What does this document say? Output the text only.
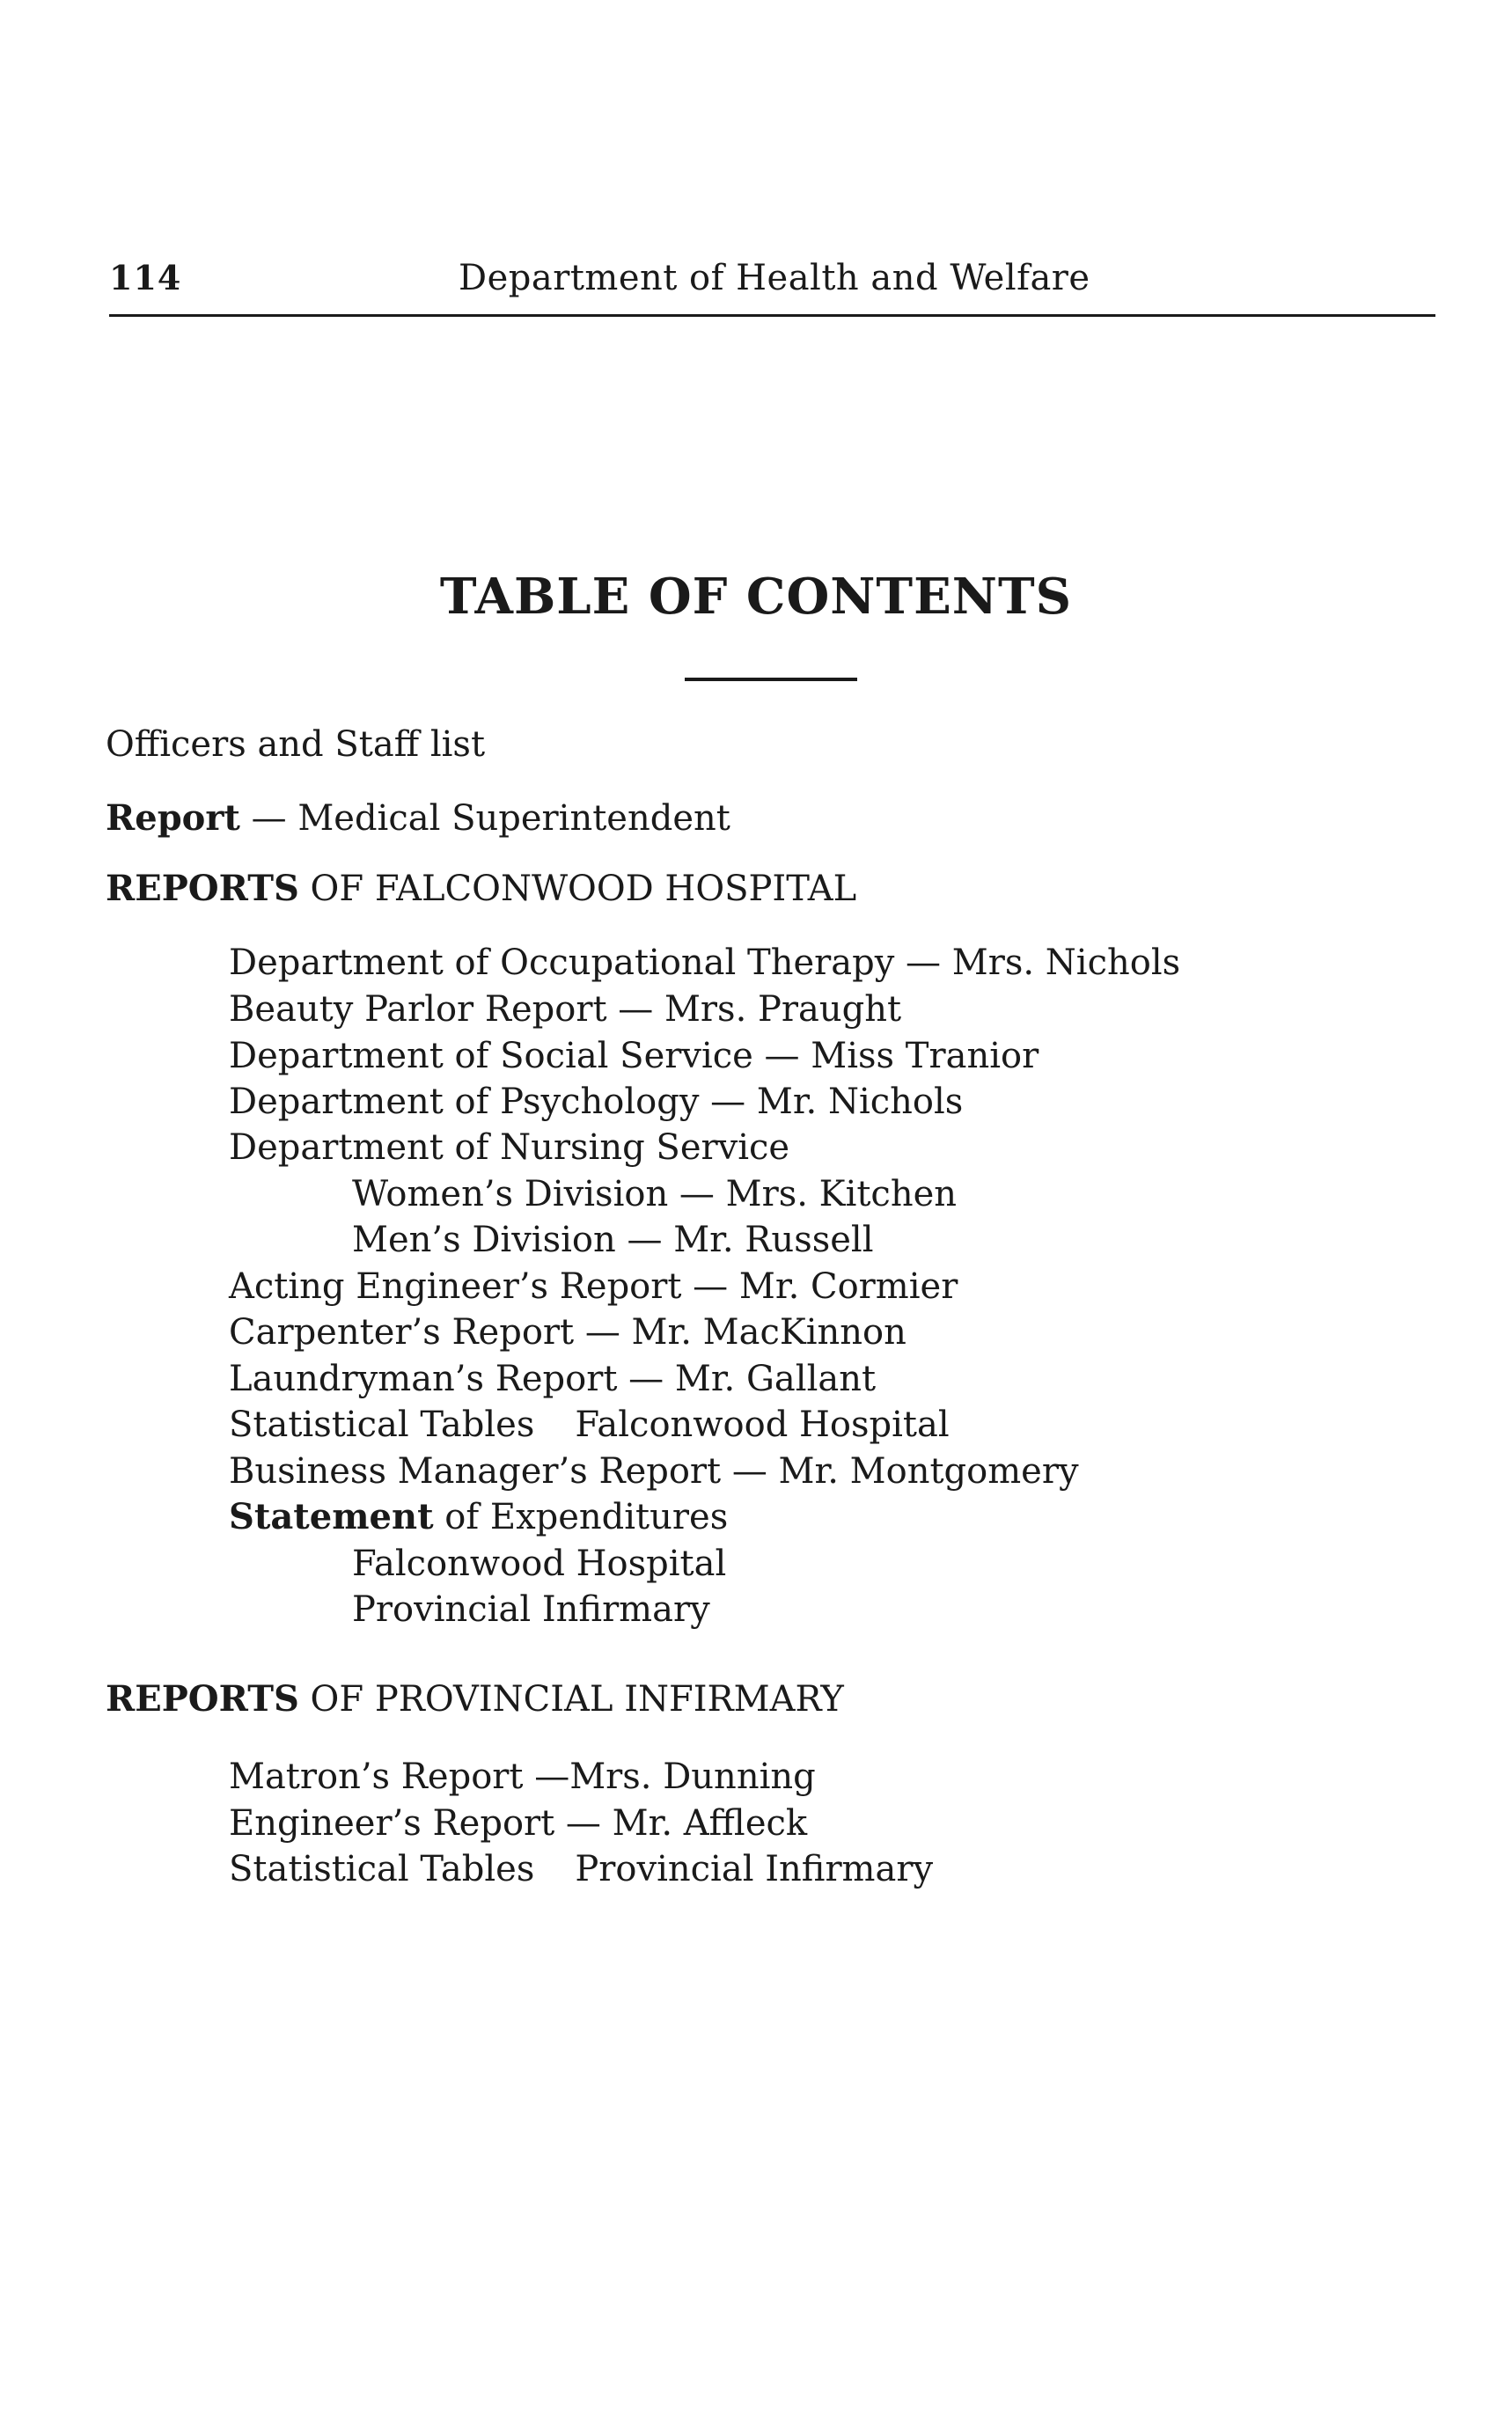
114	Department of Health and Welfare
TABLE OF CONTENTS
Officers and Staff list
Report — Medical Superintendent
REPORTS OF FALCONWOOD HOSPITAL
Department of Occupational Therapy — Mrs. Nichols
Beauty Parlor Report — Mrs. Praught
Department of Social Service — Miss Tranior
Department of Psychology — Mr. Nichols
Department of Nursing Service
Women’s Division — Mrs. Kitchen
Men’s Division — Mr. Russell
Acting Engineer’s Report — Mr. Cormier
Carpenter’s Report — Mr. MacKinnon
Laundryman’s Report — Mr. Gallant
Statistical Tables Falconwood Hospital
Business Manager’s Report — Mr. Montgomery
Statement of Expenditures
Falconwood Hospital
Provincial Infirmary
REPORTS OF PROVINCIAL INFIRMARY
Matron’s Report —Mrs. Dunning
Engineer’s Report — Mr. Affleck
Statistical Tables Provincial Infirmary
